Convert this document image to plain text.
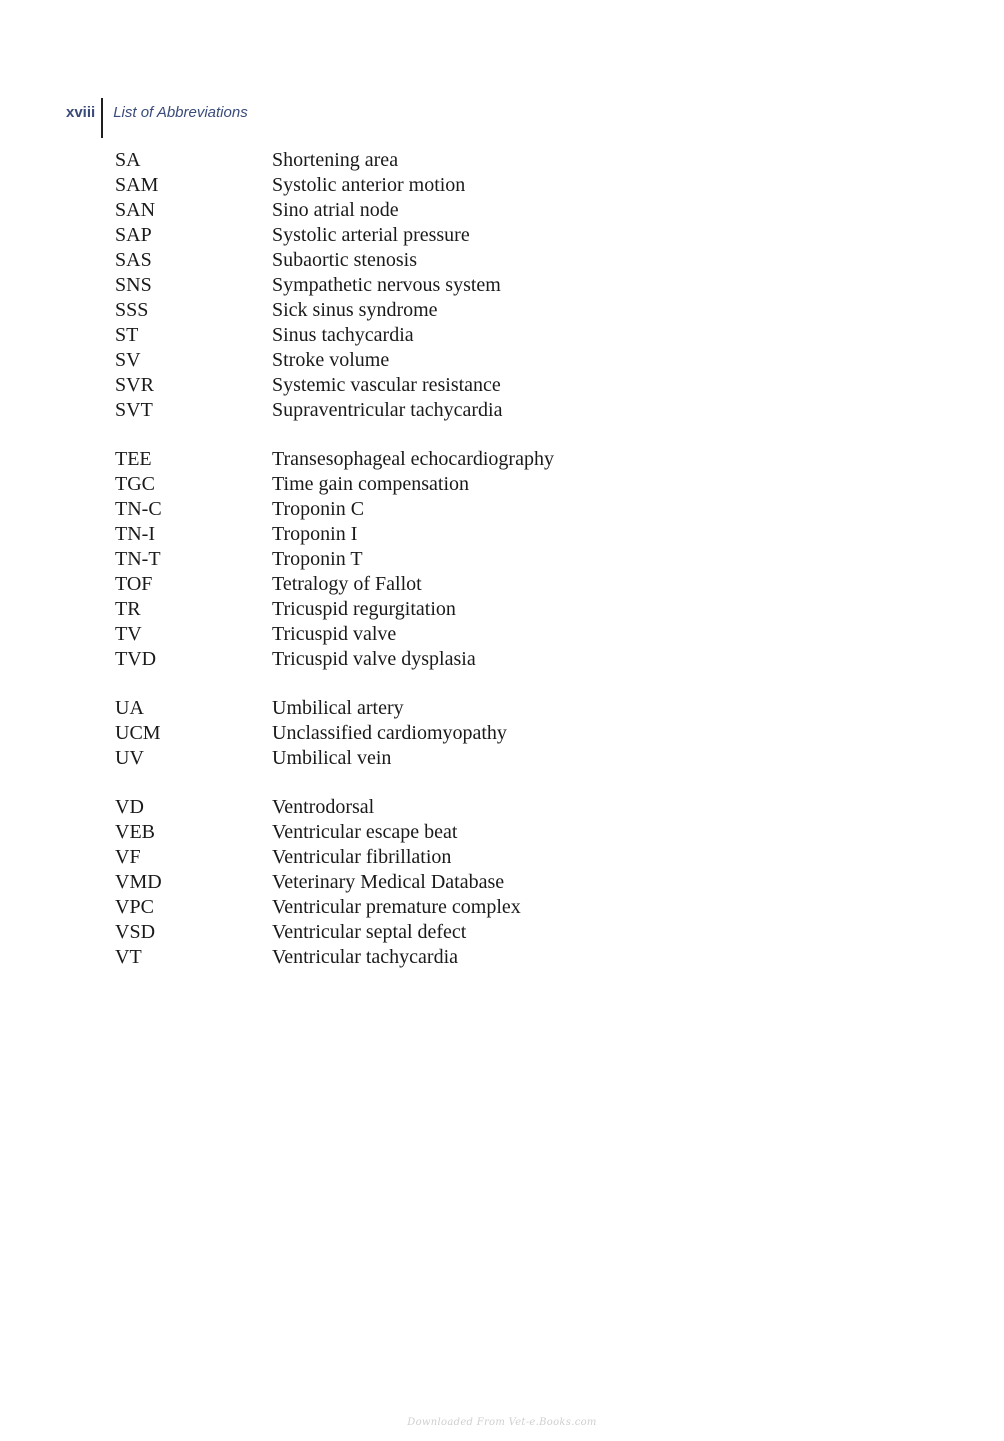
xviii	List of Abbreviations
SA	Shortening area
SAM	Systolic anterior motion
SAN	Sino atrial node
SAP	Systolic arterial pressure
SAS	Subaortic stenosis
SNS	Sympathetic nervous system
SSS	Sick sinus syndrome
ST	Sinus tachycardia
SV	Stroke volume
SVR	Systemic vascular resistance
SVT	Supraventricular tachycardia
TEE	Transesophageal echocardiography
TGC	Time gain compensation
TN-C	Troponin C
TN-I	Troponin I
TN-T	Troponin T
TOF	Tetralogy of Fallot
TR	Tricuspid regurgitation
TV	Tricuspid valve
TVD	Tricuspid valve dysplasia
UA	Umbilical artery
UCM	Unclassified cardiomyopathy
UV	Umbilical vein
VD	Ventrodorsal
VEB	Ventricular escape beat
VF	Ventricular fibrillation
VMD	Veterinary Medical Database
VPC	Ventricular premature complex
VSD	Ventricular septal defect
VT	Ventricular tachycardia
Downloaded From Vet-e.Books.com
